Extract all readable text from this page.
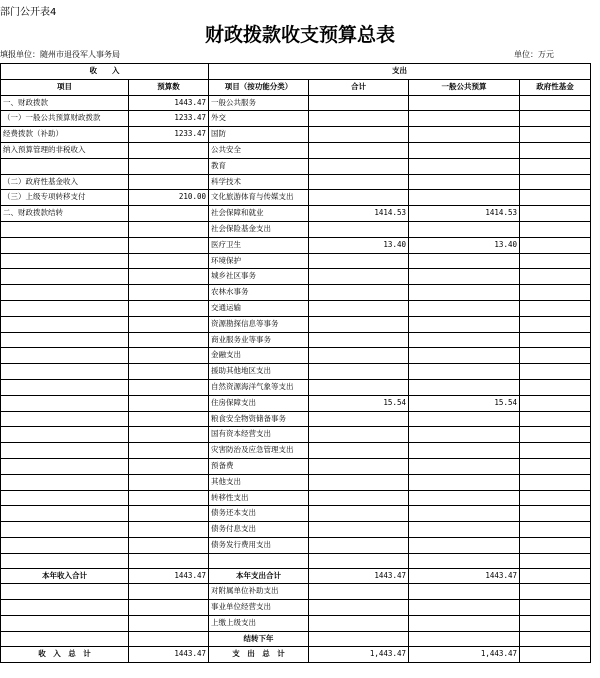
部门公开表4
财政拨款收支预算总表
填报单位：随州市退役军人事务局	单位：万元
收　　入		支出			
项目	预算数	项目（按功能分类）	合计	一般公共预算	政府性基金
一、财政拨款	1443.47	一般公共服务			
（一）一般公共预算财政拨款	1233.47	外交			
经费拨款（补助）	1233.47	国防			
纳入预算管理的非税收入		公共安全			
		教育			
（二）政府性基金收入		科学技术			
（三）上级专项转移支付	210.00	文化旅游体育与传媒支出			
二、财政拨款结转		社会保障和就业	1414.53	1414.53	
		社会保险基金支出			
		医疗卫生	13.40	13.40	
		环境保护			
		城乡社区事务			
		农林水事务			
		交通运输			
		资源勘探信息等事务			
		商业服务业等事务			
		金融支出			
		援助其他地区支出			
		自然资源海洋气象等支出			
		住房保障支出	15.54	15.54	
		粮食安全物资储备事务			
		国有资本经营支出			
		灾害防治及应急管理支出			
		预备费			
		其他支出			
		转移性支出			
		债务还本支出			
		债务付息支出			
		债务发行费用支出			

本年收入合计	1443.47	本年支出合计	1443.47	1443.47	
		对附属单位补助支出			
		事业单位经营支出			
		上缴上级支出			
		结转下年			
收　入　总　计	1443.47	支　出　总　计	1,443.47	1,443.47	
